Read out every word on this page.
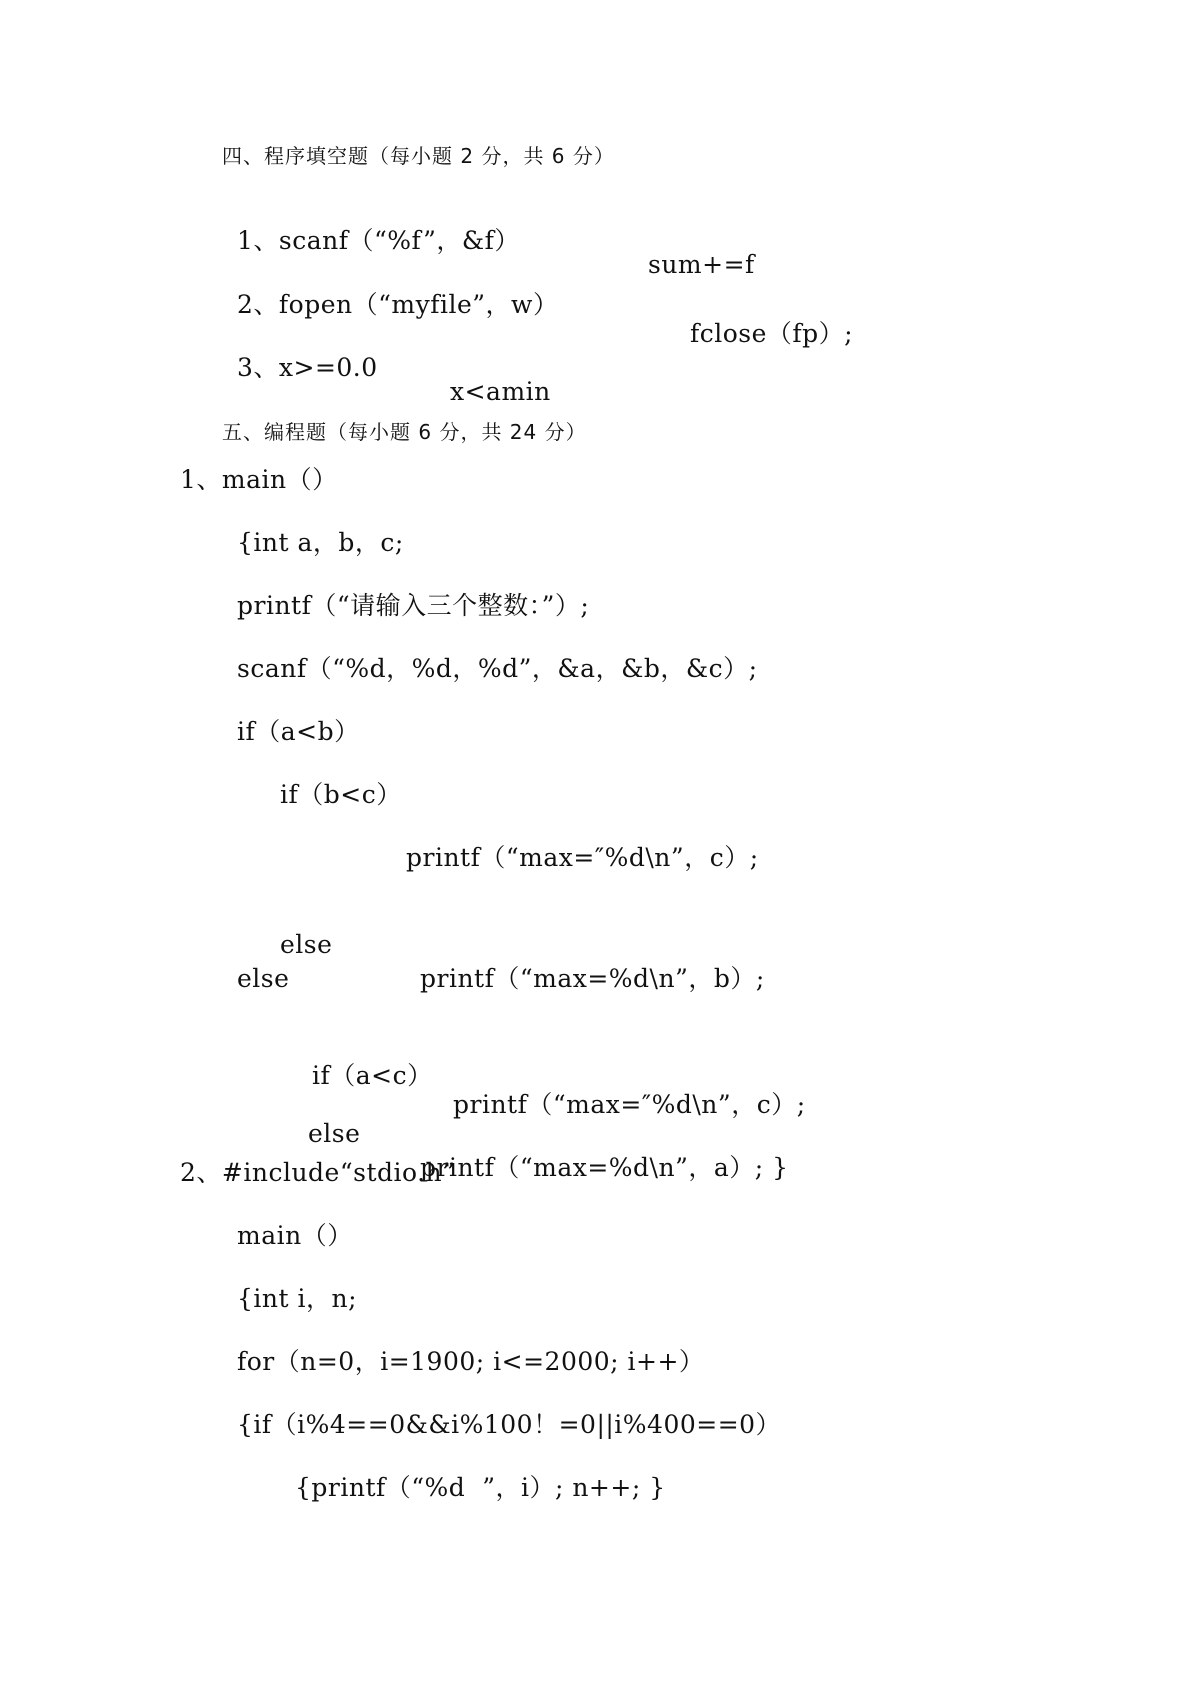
四、程序填空题（每小题 2 分，共 6 分）

1、scanf（“%f”，&f）

sum+=f

2、fopen（“myfile”，w）

fclose（fp）;

3、x>=0.0

x<amin

五、编程题（每小题 6 分，共 24 分）
1、main（）
{int a，b，c;
printf（“请输入三个整数：”）;
scanf（“%d，%d，%d”，&a，&b，&c）;
if（a<b）
if（b<c）
printf（“max=″%d\n”，c）;

else

printf（“max=%d\n”，b）;

else

if（a<c）

printf（“max=″%d\n”，c）;

else

printf（“max=%d\n”，a）; }

2、#include“stdio.h”
main（）
{int i，n;
for（n=0，i=1900; i<=2000; i++）
{if（i%4==0&&i%100！=0||i%400==0）
{printf（“%d  ”，i）; n++; }
